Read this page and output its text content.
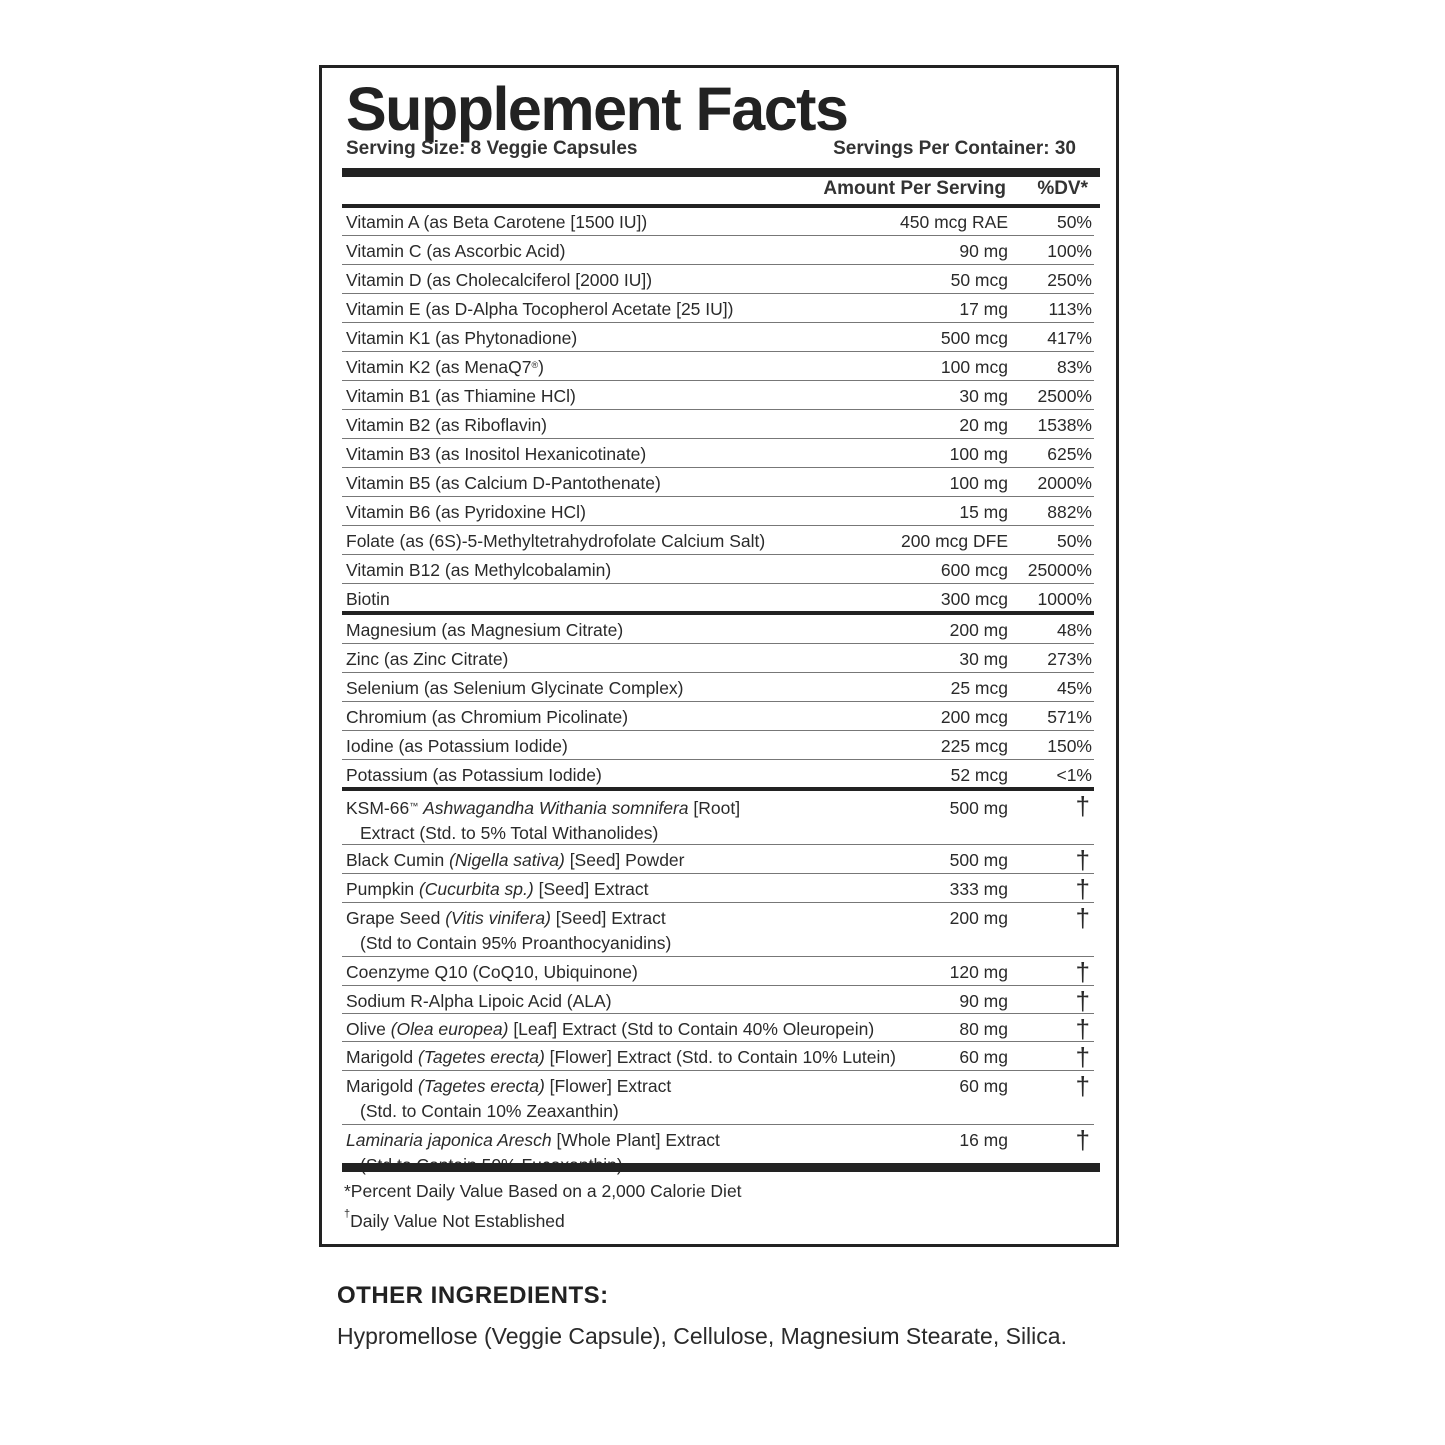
Supplement Facts
Serving Size: 8 Veggie Capsules	Servings Per Container: 30
Amount Per Serving %DV*
Vitamin A (as Beta Carotene [1500 IU])	450 mcg RAE	50%
Vitamin C (as Ascorbic Acid)	90 mg 100%
Vitamin D (as Cholecalciferol [2000 IU])	50 mcg 250%
Vitamin E (as D-Alpha Tocopherol Acetate [25 IU])	17 mg 113%
Vitamin K1 (as Phytonadione)	500 mcg 417%
Vitamin K2 (as MenaQ7®)	100 mcg	83%
Vitamin B1 (as Thiamine HCl)	30 mg 2500%
Vitamin B2 (as Riboflavin)	20 mg 1538%
Vitamin B3 (as Inositol Hexanicotinate)	100 mg 625%
Vitamin B5 (as Calcium D-Pantothenate)	100 mg 2000%
Vitamin B6 (as Pyridoxine HCl)	15 mg 882%
Folate (as (6S)-5-Methyltetrahydrofolate Calcium Salt)	200 mcg DFE	50%
Vitamin B12 (as Methylcobalamin)	600 mcg 25000%
Biotin	300 mcg 1000%
Magnesium (as Magnesium Citrate)	200 mg	48%
Zinc (as Zinc Citrate)	30 mg 273%
Selenium (as Selenium Glycinate Complex)	25 mcg	45%
Chromium (as Chromium Picolinate)	200 mcg 571%
Iodine (as Potassium Iodide)	225 mcg 150%
Potassium (as Potassium Iodide)	52 mcg	<1%
KSM-66™ Ashwagandha Withania somnifera [Root]
Extract (Std. to 5% Total Withanolides)
500 mg	†
Black Cumin (Nigella sativa) [Seed] Powder	500 mg	†
Pumpkin (Cucurbita sp.) [Seed] Extract	333 mg	†
Grape Seed (Vitis vinifera) [Seed] Extract
(Std to Contain 95% Proanthocyanidins)
200 mg	†
Coenzyme Q10 (CoQ10, Ubiquinone)	120 mg	†
Sodium R-Alpha Lipoic Acid (ALA)	90 mg	†
Olive (Olea europea) [Leaf] Extract (Std to Contain 40% Oleuropein)	80 mg	†
Marigold (Tagetes erecta) [Flower] Extract (Std. to Contain 10% Lutein)	60 mg	†
Marigold (Tagetes erecta) [Flower] Extract
(Std. to Contain 10% Zeaxanthin)
60 mg	†
Laminaria japonica Aresch [Whole Plant] Extract	16 mg	†
*Percent Daily Value Based on a 2,000 Calorie Diet
†Daily Value Not Established
OTHER INGREDIENTS:
Hypromellose (Veggie Capsule), Cellulose, Magnesium Stearate, Silica.
